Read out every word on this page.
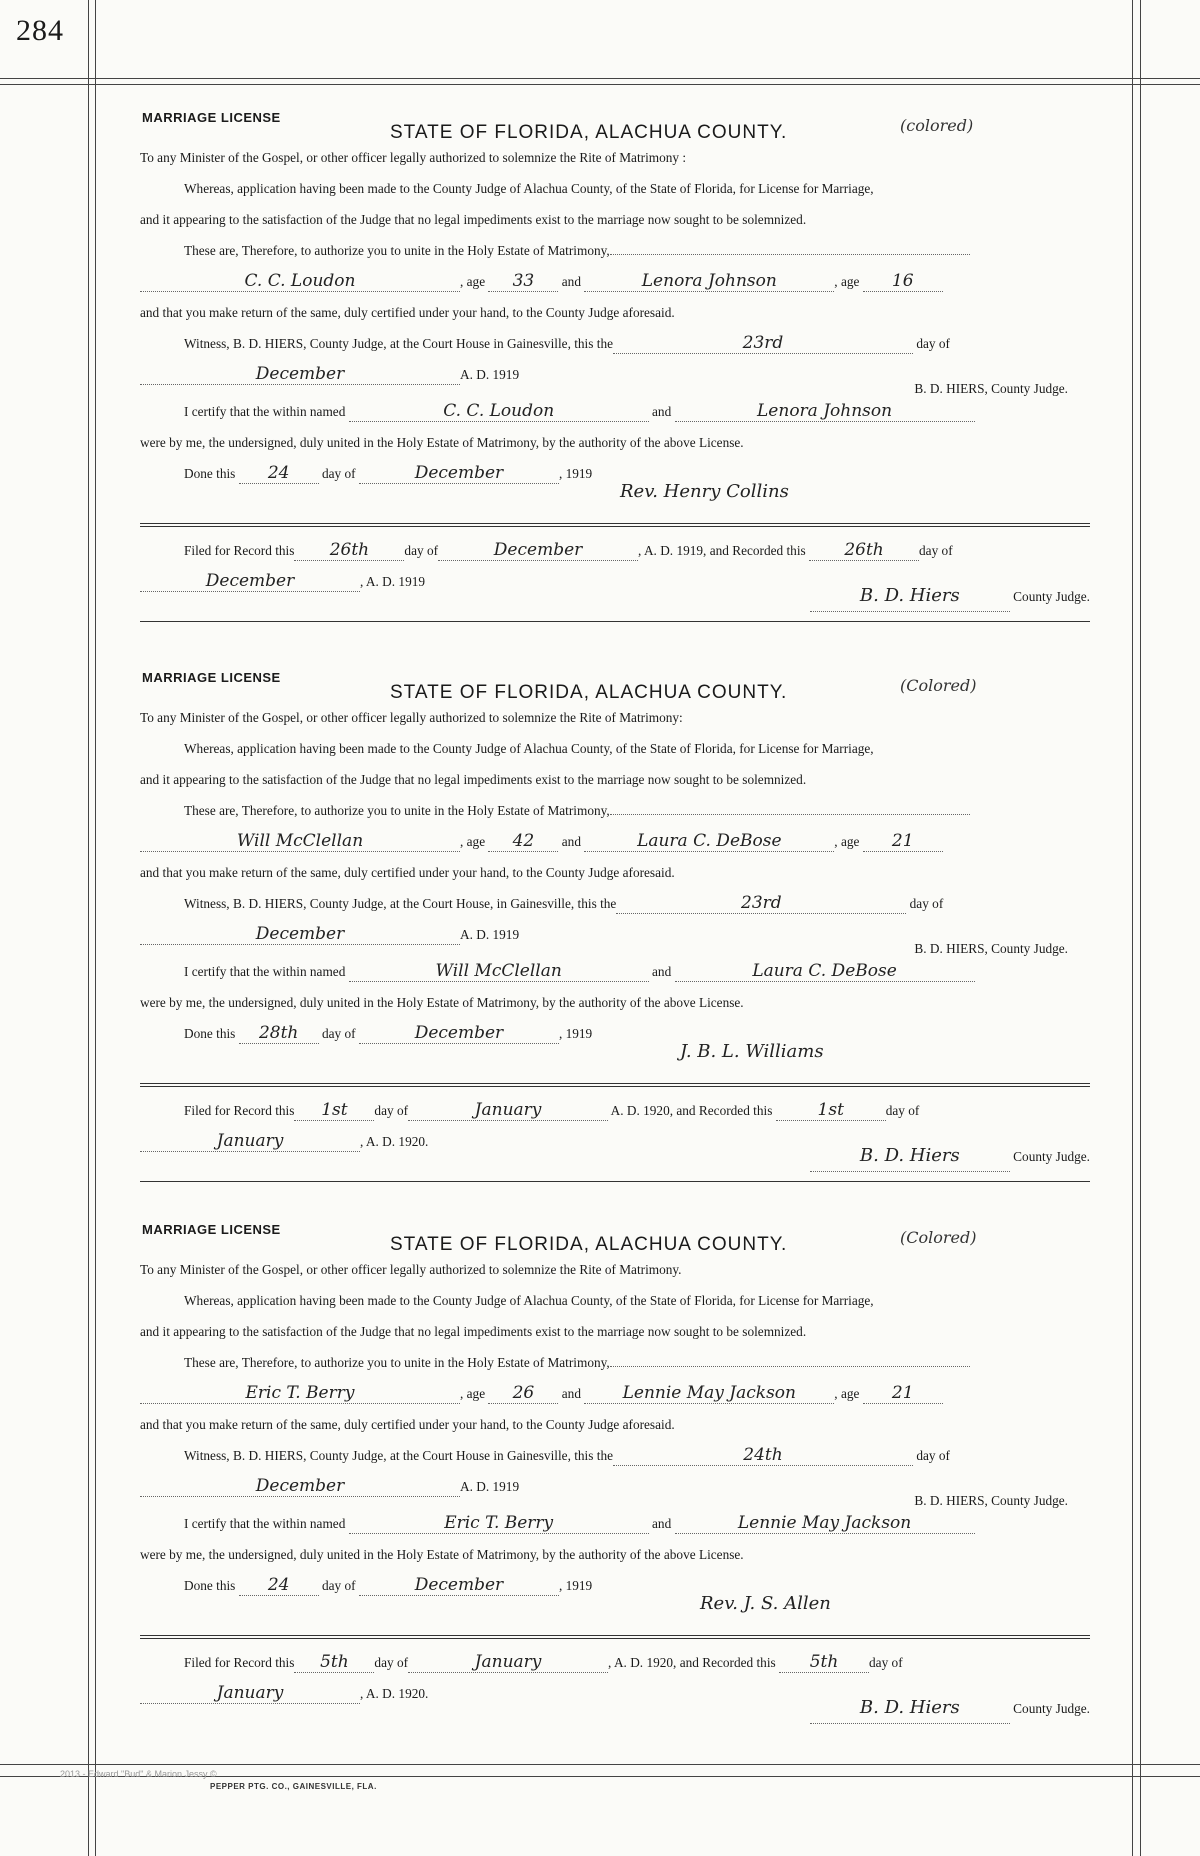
284
MARRIAGE LICENSE
STATE OF FLORIDA, ALACHUA COUNTY.	(colored)
To any Minister of the Gospel, or other officer legally authorized to solemnize the Rite of Matrimony :
Whereas, application having been made to the County Judge of Alachua County, of the State of Florida, for License for Marriage,
and it appearing to the satisfaction of the Judge that no legal impediments exist to the marriage now sought to be solemnized.
These are, Therefore, to authorize you to unite in the Holy Estate of Matrimony,
C. C. Loudon	, age 33 and	Lenora Johnson	, age 16
and that you make return of the same, duly certified under your hand, to the County Judge aforesaid.
Witness, B. D. HIERS, County Judge, at the Court House in Gainesville, this the	23rd	day of
December	A. D. 1919
B. D. HIERS, County Judge.
I certify that the within named	C. C. Loudon	and	Lenora Johnson
were by me, the undersigned, duly united in the Holy Estate of Matrimony, by the authority of the above License.
Done this 24 day of	December	, 1919
Rev. Henry Collins
Filed for Record this 26th	day of	December	, A. D. 1919, and Recorded this 26th	day of
December	, A. D. 1919
B. D. Hiers	County Judge.
MARRIAGE LICENSE
STATE OF FLORIDA, ALACHUA COUNTY.	(Colored)
To any Minister of the Gospel, or other officer legally authorized to solemnize the Rite of Matrimony:
Whereas, application having been made to the County Judge of Alachua County, of the State of Florida, for License for Marriage,
and it appearing to the satisfaction of the Judge that no legal impediments exist to the marriage now sought to be solemnized.
These are, Therefore, to authorize you to unite in the Holy Estate of Matrimony,
Will McClellan	, age 42 and	Laura C. DeBose	, age 21
and that you make return of the same, duly certified under your hand, to the County Judge aforesaid.
Witness, B. D. HIERS, County Judge, at the Court House, in Gainesville, this the	23rd	day of
December	A. D. 1919
B. D. HIERS, County Judge.
I certify that the within named	Will McClellan	and	Laura C. DeBose
were by me, the undersigned, duly united in the Holy Estate of Matrimony, by the authority of the above License.
Done this 28th day of	December	, 1919
J. B. L. Williams
Filed for Record this 1st day of	January	A. D. 1920, and Recorded this	1st	day of
January	, A. D. 1920.
B. D. Hiers	County Judge.
MARRIAGE LICENSE
STATE OF FLORIDA, ALACHUA COUNTY.	(Colored)
To any Minister of the Gospel, or other officer legally authorized to solemnize the Rite of Matrimony.
Whereas, application having been made to the County Judge of Alachua County, of the State of Florida, for License for Marriage,
and it appearing to the satisfaction of the Judge that no legal impediments exist to the marriage now sought to be solemnized.
These are, Therefore, to authorize you to unite in the Holy Estate of Matrimony,
Eric T. Berry	, age 26 and Lennie May Jackson	, age 21
and that you make return of the same, duly certified under your hand, to the County Judge aforesaid.
Witness, B. D. HIERS, County Judge, at the Court House in Gainesville, this the	24th	day of
December	A. D. 1919
B. D. HIERS, County Judge.
I certify that the within named	Eric T. Berry	and	Lennie May Jackson
were by me, the undersigned, duly united in the Holy Estate of Matrimony, by the authority of the above License.
Done this 24 day of	December	, 1919
Rev. J. S. Allen
Filed for Record this 5th day of	January	, A. D. 1920, and Recorded this 5th day of
January	, A. D. 1920.
B. D. Hiers	County Judge.
2013 - Edward "Bud" & Marion Jessy ©
PEPPER PTG. CO., GAINESVILLE, FLA.
